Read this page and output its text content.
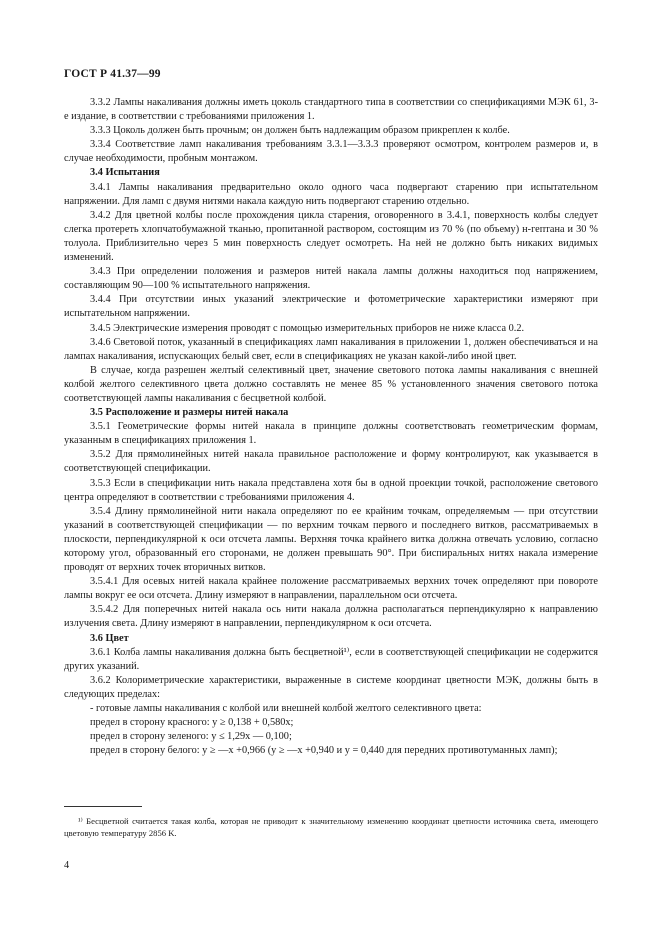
ГОСТ Р 41.37—99

3.3.2 Лампы накаливания должны иметь цоколь стандартного типа в соответствии со спецификациями МЭК 61, 3-е издание, в соответствии с требованиями приложения 1.

3.3.3 Цоколь должен быть прочным; он должен быть надлежащим образом прикреплен к колбе.

3.3.4 Соответствие ламп накаливания требованиям 3.3.1—3.3.3 проверяют осмотром, контролем размеров и, в случае необходимости, пробным монтажом.

3.4 Испытания

3.4.1 Лампы накаливания предварительно около одного часа подвергают старению при испытательном напряжении. Для ламп с двумя нитями накала каждую нить подвергают старению отдельно.

3.4.2 Для цветной колбы после прохождения цикла старения, оговоренного в 3.4.1, поверхность колбы следует слегка протереть хлопчатобумажной тканью, пропитанной раствором, состоящим из 70 % (по объему) н-гептана и 30 % толуола. Приблизительно через 5 мин поверхность следует осмотреть. На ней не должно быть никаких видимых изменений.

3.4.3 При определении положения и размеров нитей накала лампы должны находиться под напряжением, составляющим 90—100 % испытательного напряжения.

3.4.4 При отсутствии иных указаний электрические и фотометрические характеристики измеряют при испытательном напряжении.

3.4.5 Электрические измерения проводят с помощью измерительных приборов не ниже класса 0.2.

3.4.6 Световой поток, указанный в спецификациях ламп накаливания в приложении 1, должен обеспечиваться и на лампах накаливания, испускающих белый свет, если в спецификациях не указан какой-либо иной цвет.

В случае, когда разрешен желтый селективный цвет, значение светового потока лампы накаливания с внешней колбой желтого селективного цвета должно составлять не менее 85 % установленного значения светового потока соответствующей лампы накаливания с бесцветной колбой.

3.5 Расположение и размеры нитей накала

3.5.1 Геометрические формы нитей накала в принципе должны соответствовать геометрическим формам, указанным в спецификациях приложения 1.

3.5.2 Для прямолинейных нитей накала правильное расположение и форму контролируют, как указывается в соответствующей спецификации.

3.5.3 Если в спецификации нить накала представлена хотя бы в одной проекции точкой, расположение светового центра определяют в соответствии с требованиями приложения 4.

3.5.4 Длину прямолинейной нити накала определяют по ее крайним точкам, определяемым — при отсутствии указаний в соответствующей спецификации — по верхним точкам первого и последнего витков, рассматриваемых в плоскости, перпендикулярной к оси отсчета лампы. Верхняя точка крайнего витка должна отвечать условию, согласно которому угол, образованный его сторонами, не должен превышать 90°. При биспиральных нитях накала измерение проводят от верхних точек вторичных витков.

3.5.4.1 Для осевых нитей накала крайнее положение рассматриваемых верхних точек определяют при повороте лампы вокруг ее оси отсчета. Длину измеряют в направлении, параллельном оси отсчета.

3.5.4.2 Для поперечных нитей накала ось нити накала должна располагаться перпендикулярно к направлению излучения света. Длину измеряют в направлении, перпендикулярном к оси отсчета.

3.6 Цвет

3.6.1 Колба лампы накаливания должна быть бесцветной¹⁾, если в соответствующей спецификации не содержится других указаний.

3.6.2 Колориметрические характеристики, выраженные в системе координат цветности МЭК, должны быть в следующих пределах:

- готовые лампы накаливания с колбой или внешней колбой желтого селективного цвета:

предел в сторону красного: y ≥ 0,138 + 0,580x;

предел в сторону зеленого: y ≤ 1,29x — 0,100;

предел в сторону белого: y ≥ —x +0,966 (y ≥ —x +0,940 и y = 0,440 для передних противотуманных ламп);

¹⁾ Бесцветной считается такая колба, которая не приводит к значительному изменению координат цветности источника света, имеющего цветовую температуру 2856 K.

4
